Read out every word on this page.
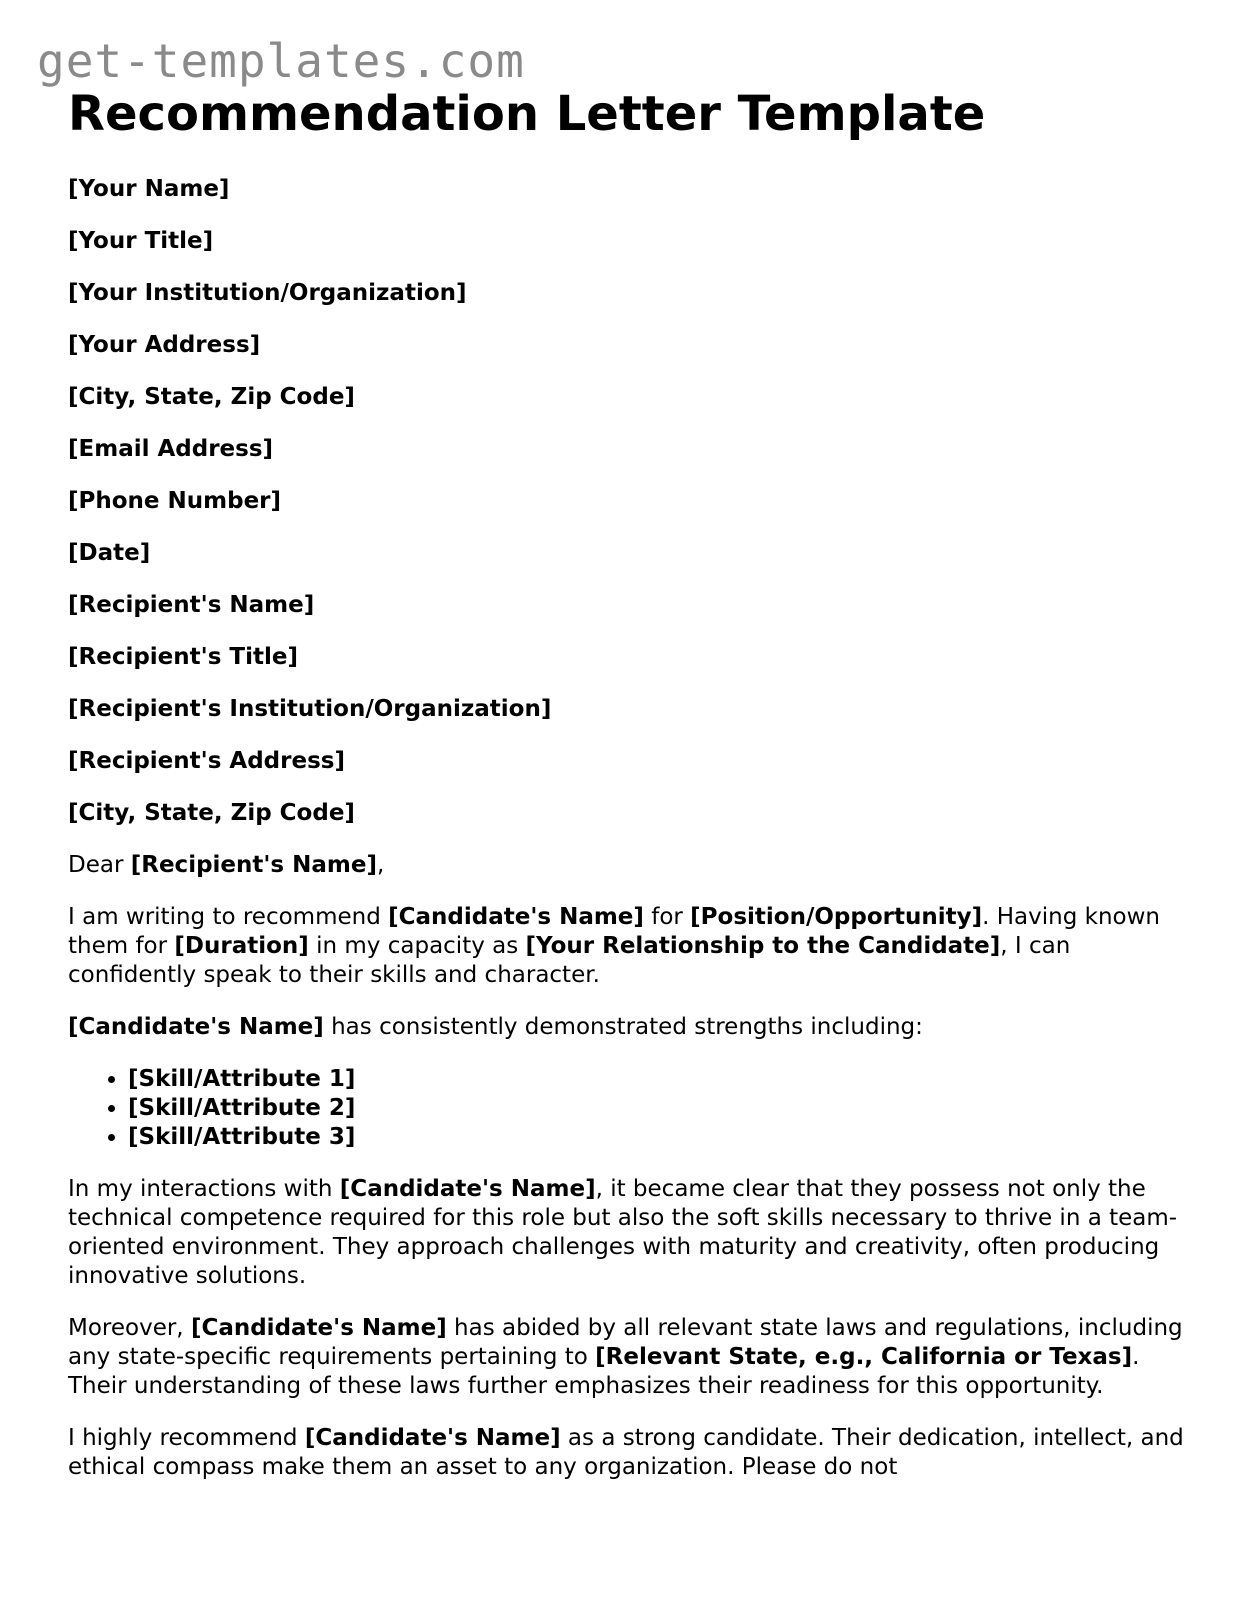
get-templates.com
Recommendation Letter Template
[Your Name]
[Your Title]
[Your Institution/Organization]
[Your Address]
[City, State, Zip Code]
[Email Address]
[Phone Number]
[Date]
[Recipient's Name]
[Recipient's Title]
[Recipient's Institution/Organization]
[Recipient's Address]
[City, State, Zip Code]

Dear [Recipient's Name],

I am writing to recommend [Candidate's Name] for [Position/Opportunity]. Having known them for [Duration] in my capacity as [Your Relationship to the Candidate], I can confidently speak to their skills and character.

[Candidate's Name] has consistently demonstrated strengths including:

• [Skill/Attribute 1]
• [Skill/Attribute 2]
• [Skill/Attribute 3]

In my interactions with [Candidate's Name], it became clear that they possess not only the technical competence required for this role but also the soft skills necessary to thrive in a team-oriented environment. They approach challenges with maturity and creativity, often producing innovative solutions.

Moreover, [Candidate's Name] has abided by all relevant state laws and regulations, including any state-specific requirements pertaining to [Relevant State, e.g., California or Texas]. Their understanding of these laws further emphasizes their readiness for this opportunity.

I highly recommend [Candidate's Name] as a strong candidate. Their dedication, intellect, and ethical compass make them an asset to any organization. Please do not
